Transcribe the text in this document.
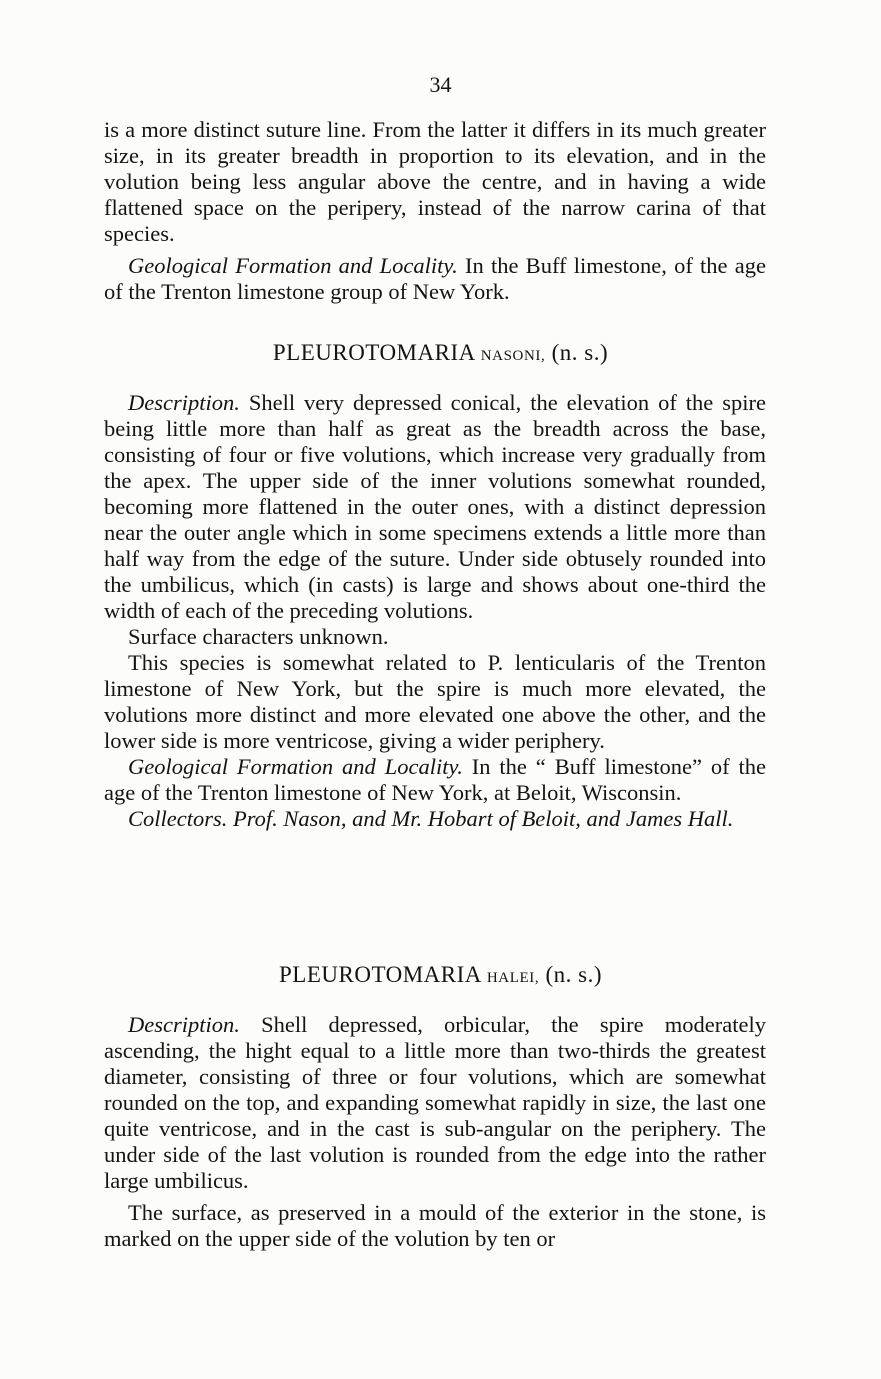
34

is a more distinct suture line. From the latter it differs in its much greater size, in its greater breadth in proportion to its elevation, and in the volution being less angular above the centre, and in having a wide flattened space on the peripery, instead of the narrow carina of that species.

Geological Formation and Locality. In the Buff limestone, of the age of the Trenton limestone group of New York.

PLEUROTOMARIA NASONI, (n. s.)

Description. Shell very depressed conical, the elevation of the spire being little more than half as great as the breadth across the base, consisting of four or five volutions, which increase very gradually from the apex. The upper side of the inner volutions somewhat rounded, becoming more flattened in the outer ones, with a distinct depression near the outer angle which in some specimens extends a little more than half way from the edge of the suture. Under side obtusely rounded into the umbilicus, which (in casts) is large and shows about one-third the width of each of the preceding volutions.

Surface characters unknown.

This species is somewhat related to P. lenticularis of the Trenton limestone of New York, but the spire is much more elevated, the volutions more distinct and more elevated one above the other, and the lower side is more ventricose, giving a wider periphery.

Geological Formation and Locality. In the “ Buff limestone” of the age of the Trenton limestone of New York, at Beloit, Wisconsin.

Collectors. Prof. Nason, and Mr. Hobart of Beloit, and James Hall.

PLEUROTOMARIA HALEI, (n. s.)

Description. Shell depressed, orbicular, the spire moderately ascending, the hight equal to a little more than two-thirds the greatest diameter, consisting of three or four volutions, which are somewhat rounded on the top, and expanding somewhat rapidly in size, the last one quite ventricose, and in the cast is sub-angular on the periphery. The under side of the last volution is rounded from the edge into the rather large umbilicus.

The surface, as preserved in a mould of the exterior in the stone, is marked on the upper side of the volution by ten or
